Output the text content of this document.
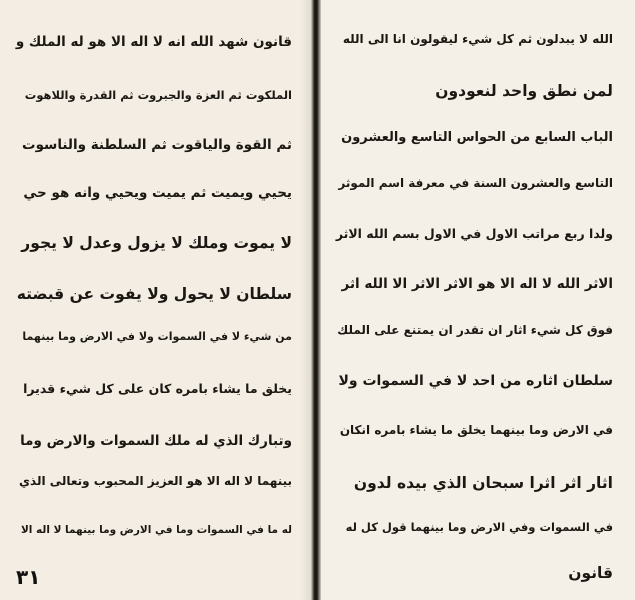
قانون شهد الله انه لا اله الا هو له الملك و
الملكوت ثم العزة والجبروت ثم القدرة واللاهوت
ثم القوة والياقوت ثم السلطنة والناسوت
يحيي ويميت ثم يميت ويحيي وانه هو حي
لا يموت وملك لا يزول وعدل لا يجور
سلطان لا يحول ولا يفوت عن قبضته
من شيء لا في السموات ولا في الارض وما بينهما
يخلق ما يشاء بامره كان على كل شيء قديرا
وتبارك الذي له ملك السموات والارض وما
بينهما لا اله الا هو العزيز المحبوب وتعالى الذي
له ما في السموات وما في الارض وما بينهما لا اله الا
الله لا يبدلون ثم كل شيء ليقولون انا الى الله
لمن نطق واحد لنعودون
الباب السابع من الحواس التاسع والعشرون
التاسع والعشرون السنة في معرفة اسم الموثر
ولدا ربع مراتب الاول في الاول بسم الله الاثر
الاثر الله لا اله الا هو الاثر الاثر الا الله اثر
فوق كل شيء اثار ان تقدر ان يمتنع على الملك
سلطان اثاره من احد لا في السموات ولا
في الارض وما بينهما يخلق ما يشاء بامره انكان
اثار اثر اثرا سبحان الذي بيده لدون
في السموات وفي الارض وما بينهما قول كل له
قانون
٣١
